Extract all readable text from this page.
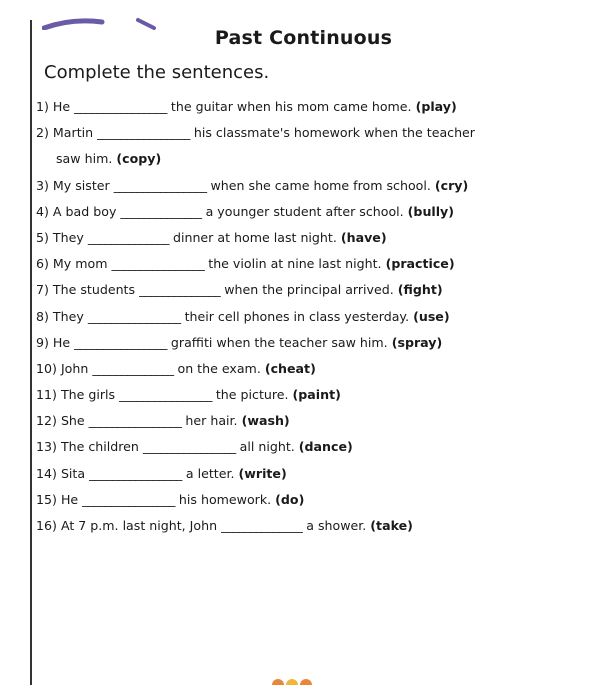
Past Continuous
Complete the sentences.
1) He ________________ the guitar when his mom came home. (play)
2) Martin ________________ his classmate's homework when the teacher
saw him. (copy)
3) My sister ________________ when she came home from school. (cry)
4) A bad boy ______________ a younger student after school. (bully)
5) They ______________ dinner at home last night. (have)
6) My mom ________________ the violin at nine last night. (practice)
7) The students ______________ when the principal arrived. (fight)
8) They ________________ their cell phones in class yesterday. (use)
9) He ________________ graffiti when the teacher saw him. (spray)
10) John ______________ on the exam. (cheat)
11) The girls ________________ the picture. (paint)
12) She ________________ her hair. (wash)
13) The children ________________ all night. (dance)
14) Sita ________________ a letter. (write)
15) He ________________ his homework. (do)
16) At 7 p.m. last night, John ______________ a shower. (take)
